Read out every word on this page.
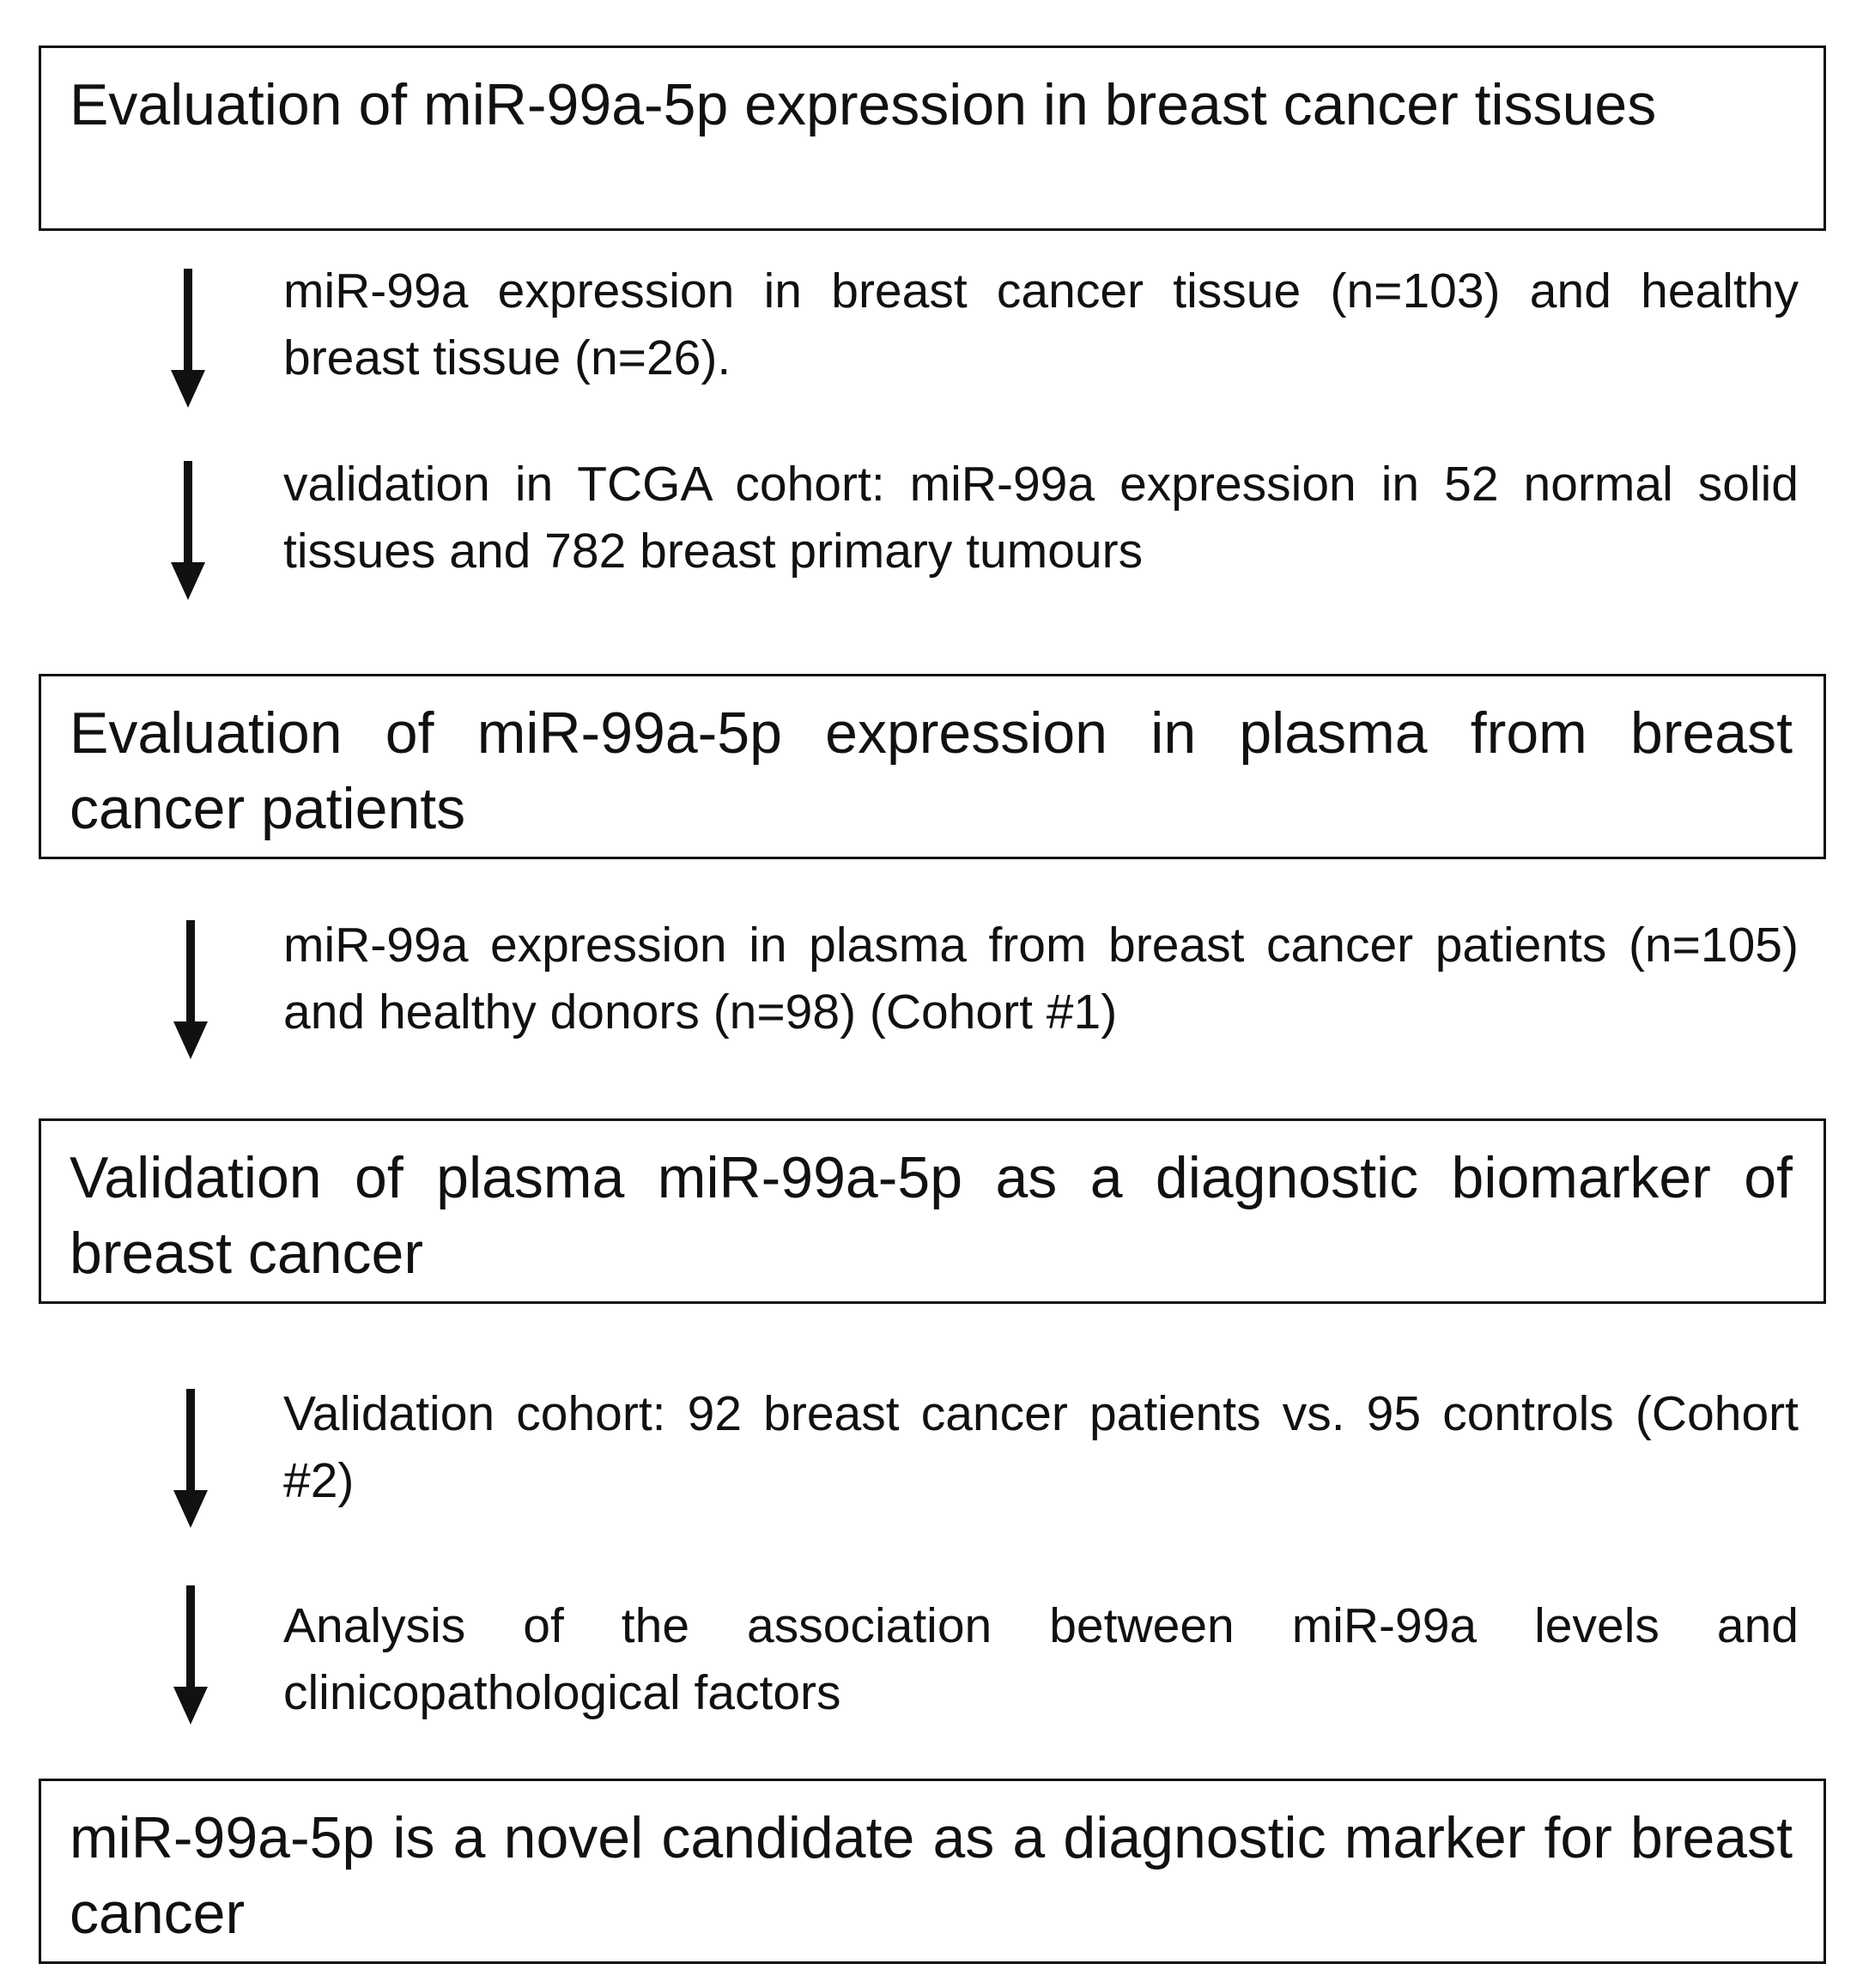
Evaluation of miR-99a-5p expression in breast cancer tissues

miR-99a expression in breast cancer tissue (n=103) and healthy breast tissue (n=26).

validation in TCGA cohort: miR-99a expression in 52 normal solid tissues and 782 breast primary tumours

Evaluation of miR-99a-5p expression in plasma from breast cancer patients

miR-99a expression in plasma from breast cancer patients (n=105) and healthy donors (n=98) (Cohort #1)

Validation of plasma miR-99a-5p as a diagnostic biomarker of breast cancer

Validation cohort: 92 breast cancer patients vs. 95 controls (Cohort #2)

Analysis of the association between miR-99a levels and clinicopathological factors

miR-99a-5p is a novel candidate as a diagnostic marker for breast cancer
